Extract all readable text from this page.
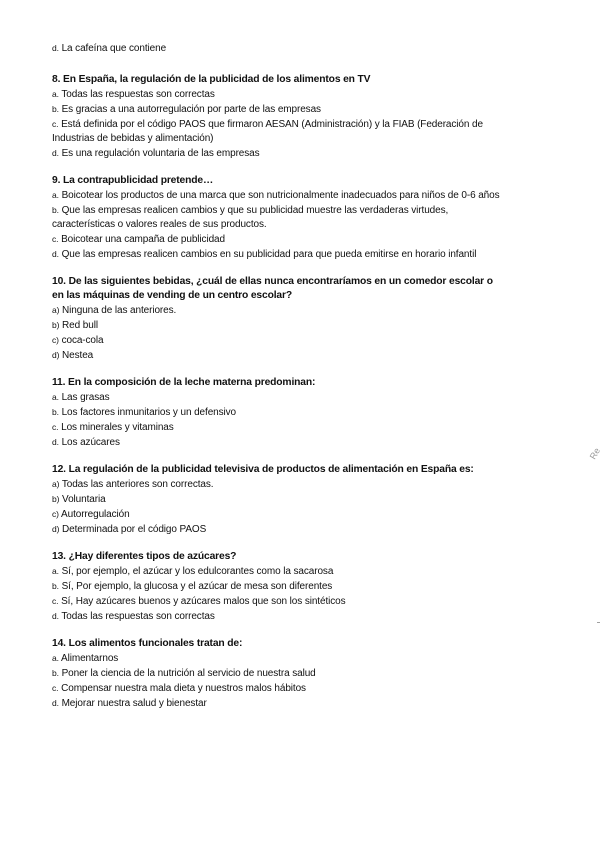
d. La cafeína que contiene
8. En España, la regulación de la publicidad de los alimentos en TV
a. Todas las respuestas son correctas
b. Es gracias a una autorregulación por parte de las empresas
c. Está definida por el código PAOS que firmaron AESAN (Administración) y la FIAB (Federación de Industrias de bebidas y alimentación)
d. Es una regulación voluntaria de las empresas
9. La contrapublicidad pretende…
a. Boicotear los productos de una marca que son nutricionalmente inadecuados para niños de 0-6 años
b. Que las empresas realicen cambios y que su publicidad muestre las verdaderas virtudes, características o valores reales de sus productos.
c. Boicotear una campaña de publicidad
d. Que las empresas realicen cambios en su publicidad para que pueda emitirse en horario infantil
10. De las siguientes bebidas, ¿cuál de ellas nunca encontraríamos en un comedor escolar o en las máquinas de vending de un centro escolar?
a) Ninguna de las anteriores.
b) Red bull
c) coca-cola
d) Nestea
11. En la composición de la leche materna predominan:
a. Las grasas
b. Los factores inmunitarios y un defensivo
c. Los minerales y vitaminas
d. Los azúcares
12. La regulación de la publicidad televisiva de productos de alimentación en España es:
a) Todas las anteriores son correctas.
b) Voluntaria
c) Autorregulación
d) Determinada por el código PAOS
13. ¿Hay diferentes tipos de azúcares?
a. Sí, por ejemplo, el azúcar y los edulcorantes como la sacarosa
b. Sí, Por ejemplo, la glucosa y el azúcar de mesa son diferentes
c. Sí, Hay azúcares buenos y azúcares malos que son los sintéticos
d. Todas las respuestas son correctas
14. Los alimentos funcionales tratan de:
a. Alimentarnos
b. Poner la ciencia de la nutrición al servicio de nuestra salud
c. Compensar nuestra mala dieta y nuestros malos hábitos
d. Mejorar nuestra salud y bienestar
Re
